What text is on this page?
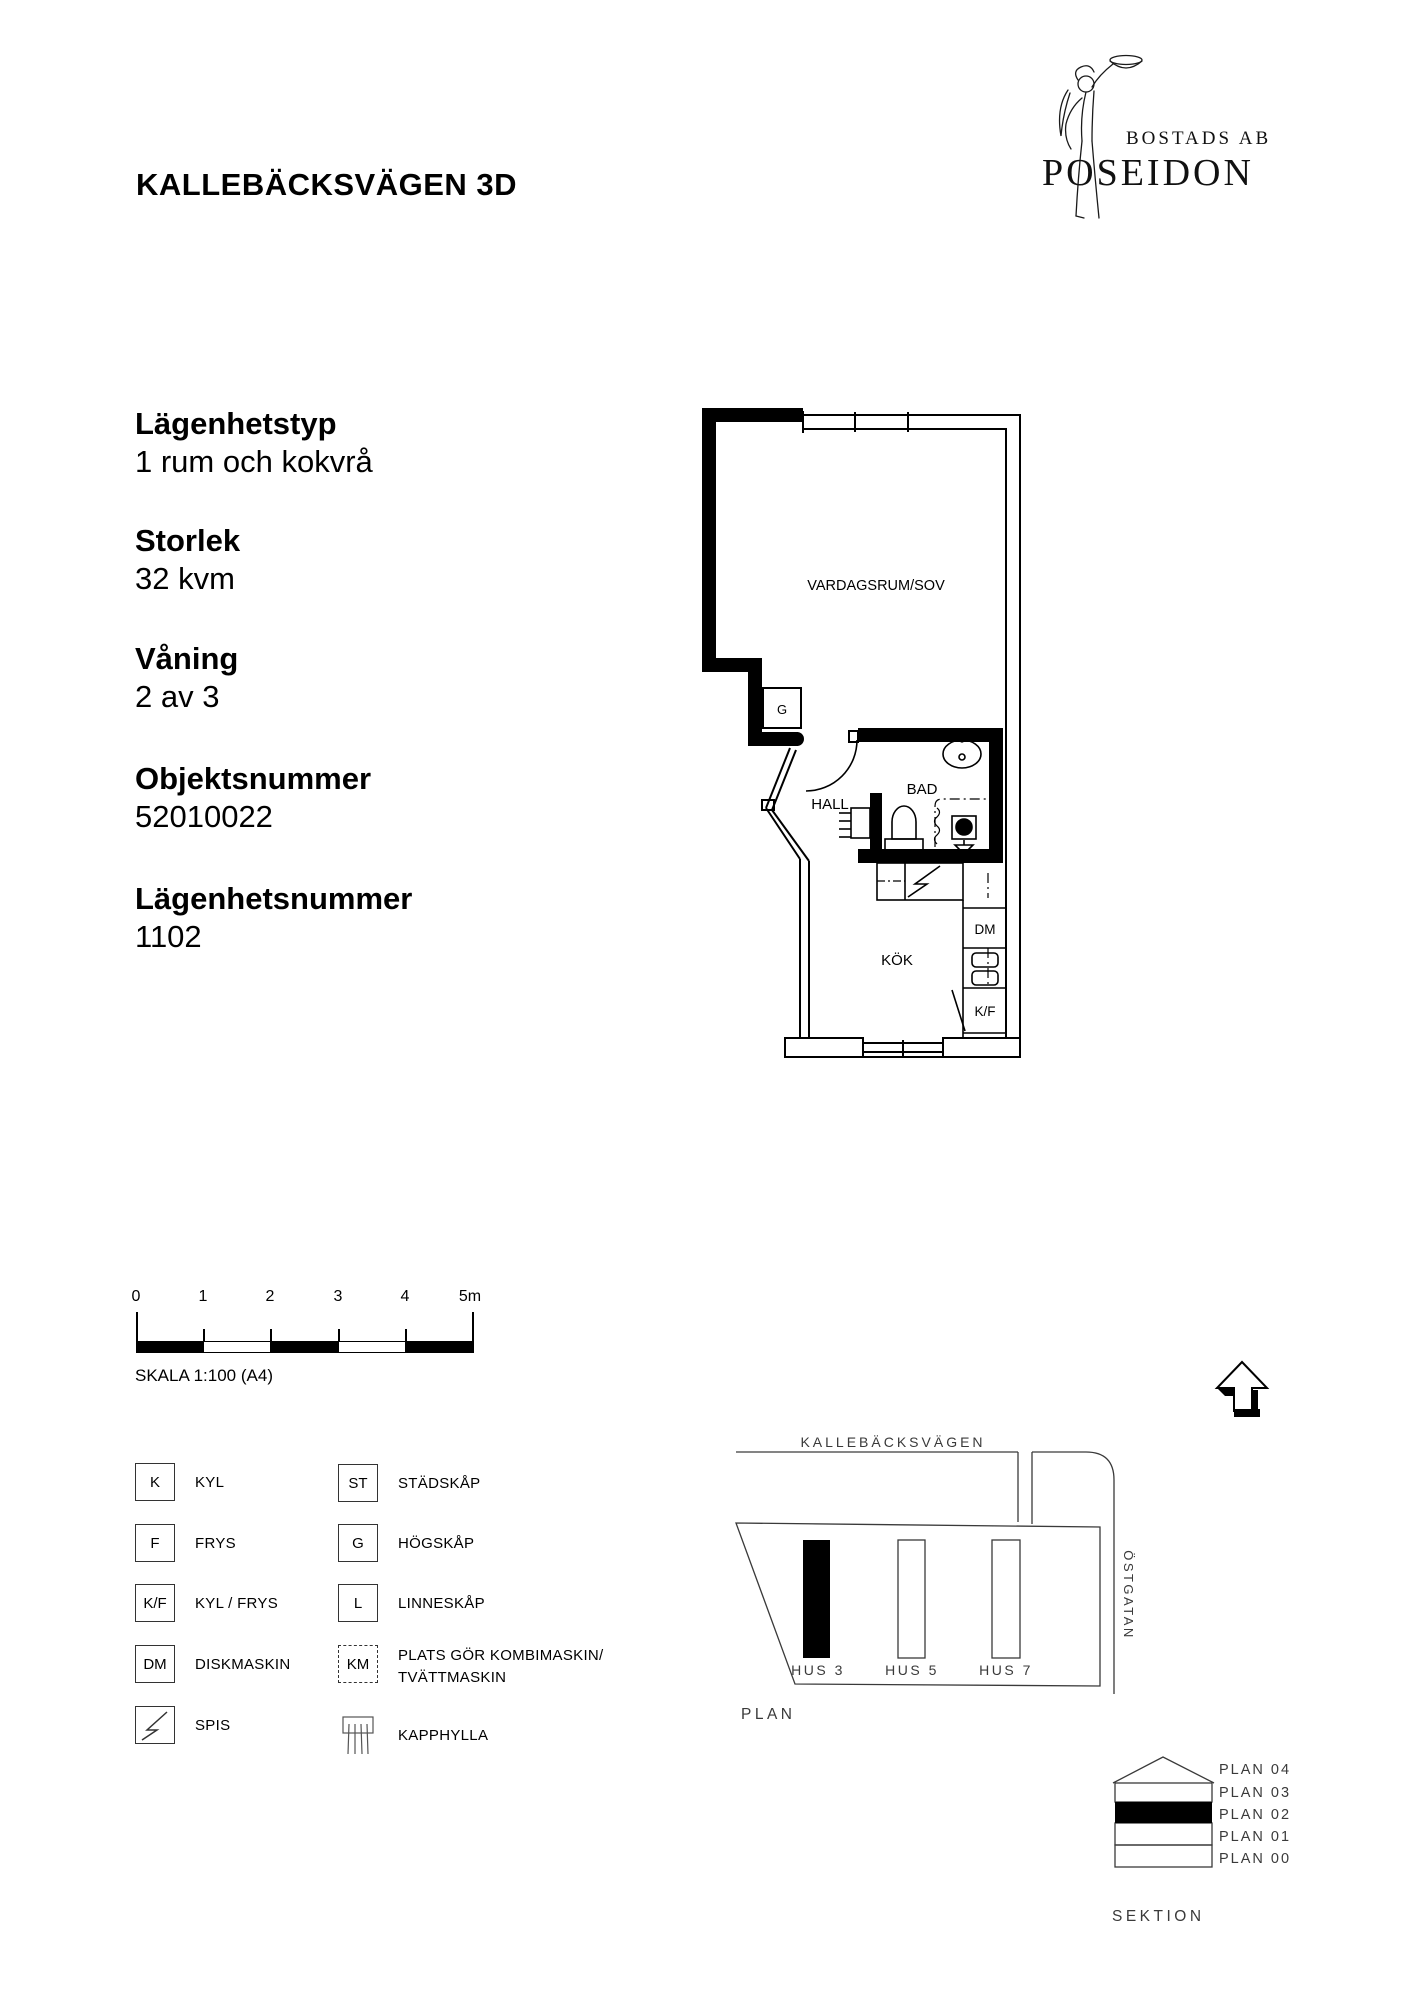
KALLEBÄCKSVÄGEN 3D
BOSTADS AB
POSEIDON
Lägenhetstyp
1 rum och kokvrå
Storlek
32 kvm
Våning
2 av 3
Objektsnummer
52010022
Lägenhetsnummer
1102
VARDAGSRUM/SOV
G
HALL
BAD
KÖK
DM
K/F
0	1	2	3	4	5m
SKALA 1:100 (A4)
K	KYL
F	FRYS
K/F	KYL / FRYS
DM	DISKMASKIN
SPIS
ST	STÄDSKÅP
G	HÖGSKÅP
L	LINNESKÅP
KM	PLATS GÖR KOMBIMASKIN/
TVÄTTMASKIN
KAPPHYLLA
KALLEBÄCKSVÄGEN
HUS 3	HUS 5	HUS 7
ÖSTGATAN
PLAN
PLAN 04
PLAN 03
PLAN 02
PLAN 01
PLAN 00
SEKTION
